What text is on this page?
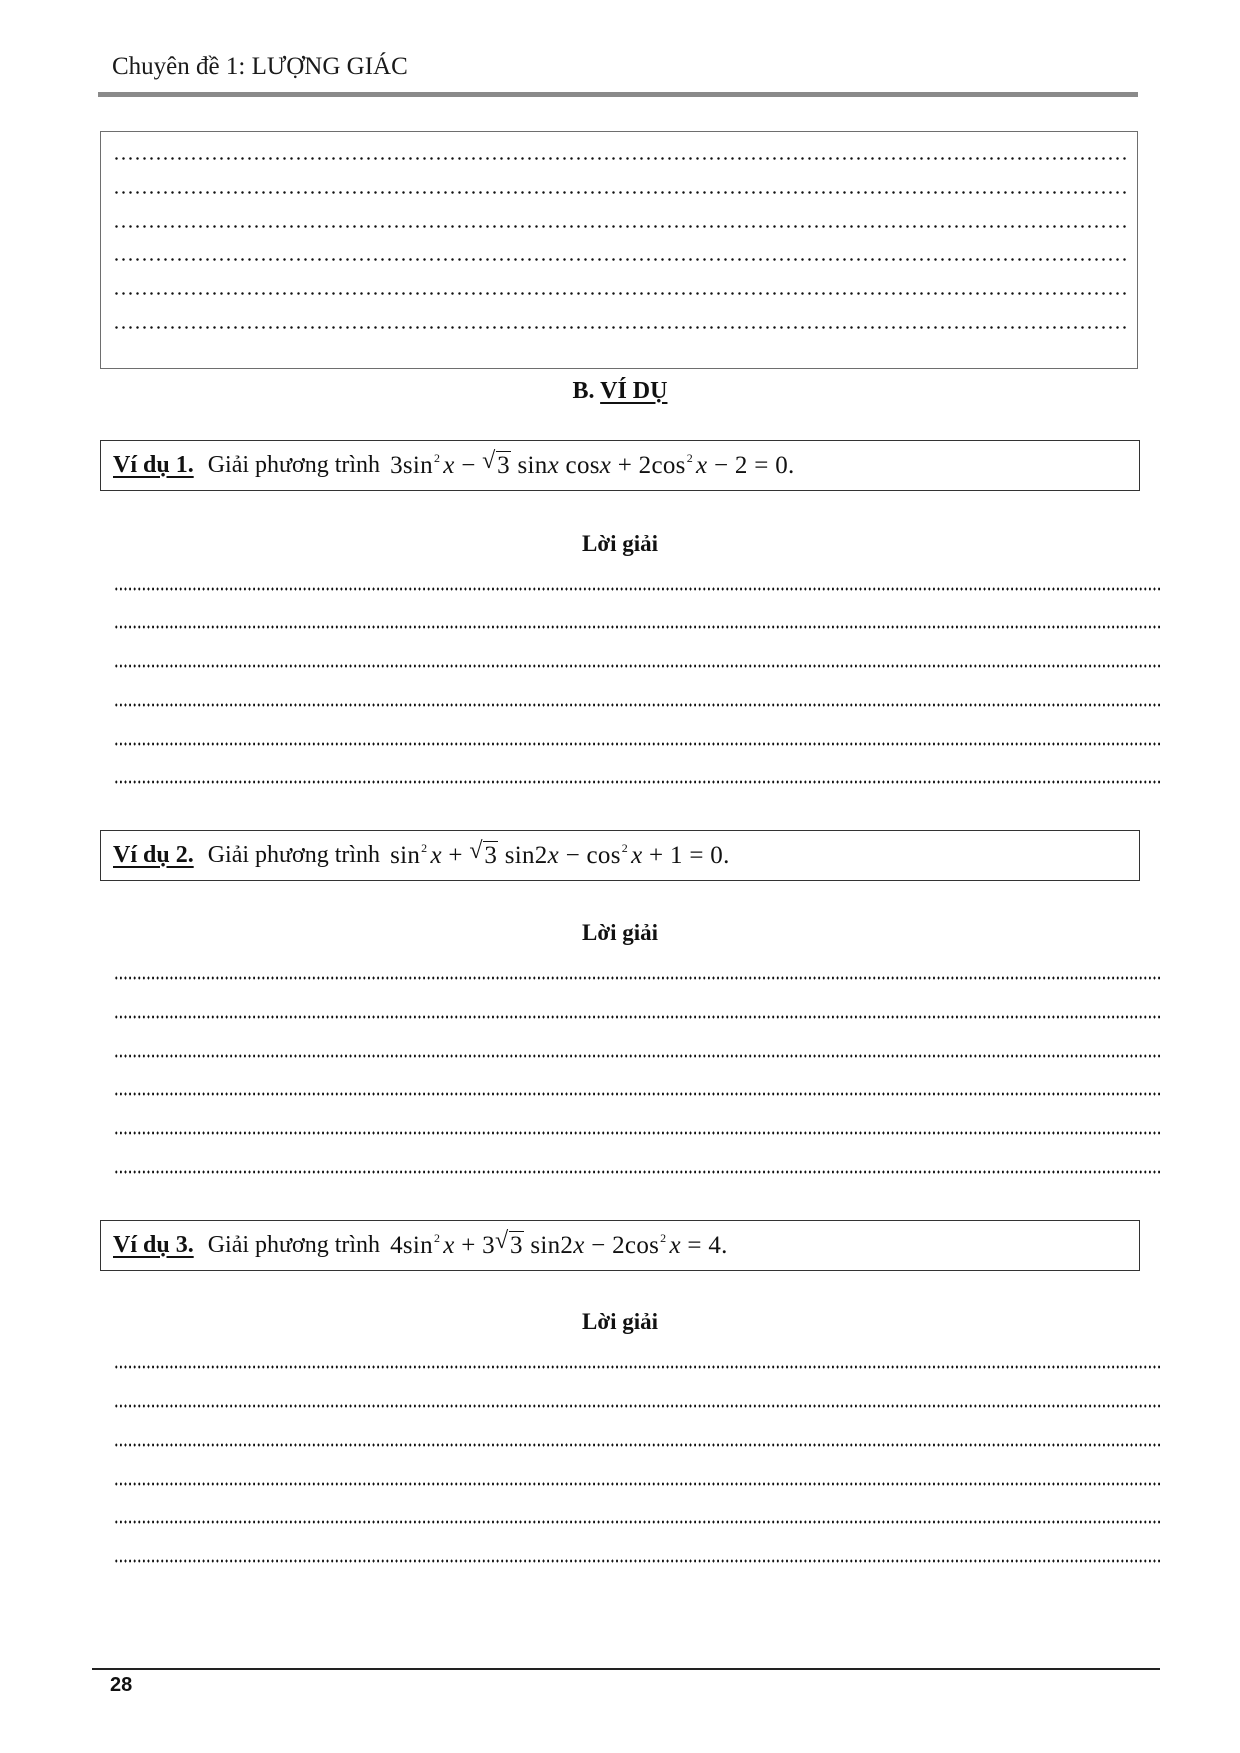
Chuyên đề 1: LƯỢNG GIÁC
B. VÍ DỤ
Ví dụ 1. Giải phương trình $3\sin^2$ x − √ 3 sinx $\cos x + 2\cos^2$ x − 2 = 0.
Lời giải
Ví dụ 2. Giải phương trình $\sin^2 x$ + √ 3 $\sin 2x - \cos^2 x + 1 = 0$.
Lời giải
Ví dụ 3. Giải phương trình $4\sin^2$ x + 3 √ 3 $\sin 2x - 2\cos^2$ x = 4.
Lời giải
28
